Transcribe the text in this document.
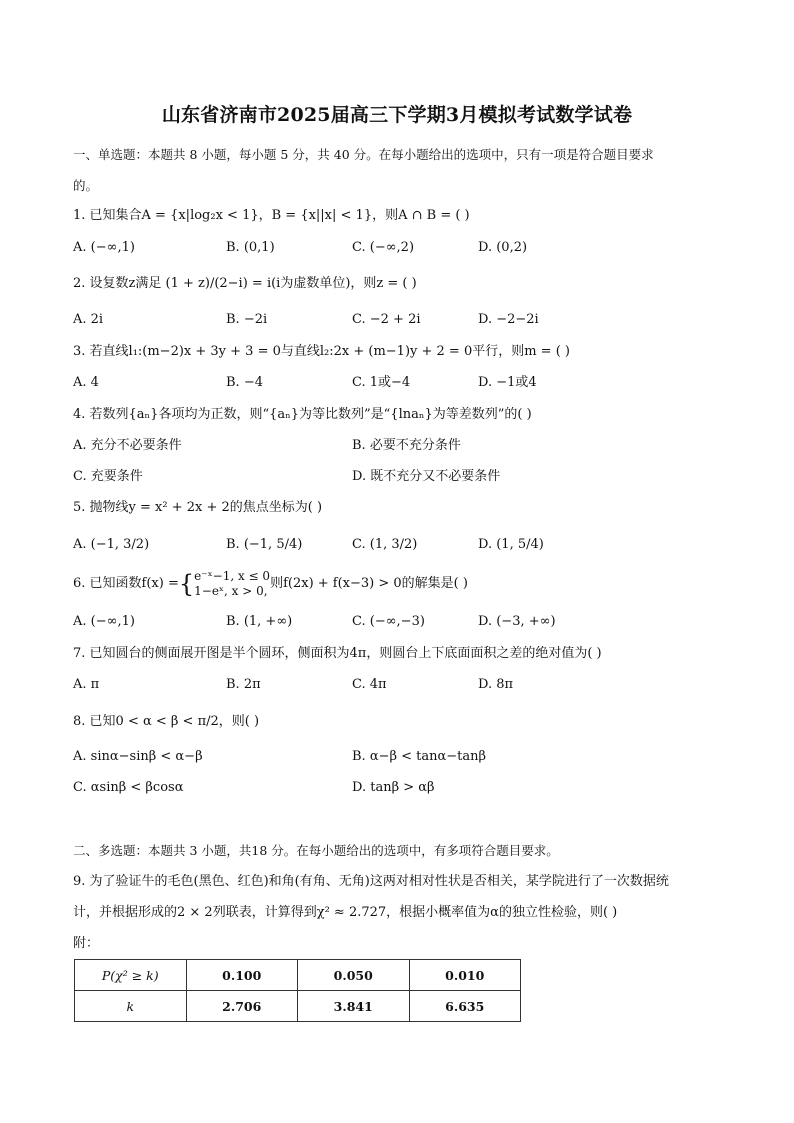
山东省济南市2025届高三下学期3月模拟考试数学试卷
一、单选题：本题共 8 小题，每小题 5 分，共 40 分。在每小题给出的选项中，只有一项是符合题目要求
的。
1. 已知集合A = {x|log₂x < 1}，B = {x||x| < 1}，则A ∩ B = ( )
A. (−∞,1)	B. (0,1)	C. (−∞,2)	D. (0,2)
2. 设复数z满足 (1 + z)/(2−i) = i(i为虚数单位)，则z = ( )
A. 2i	B. −2i	C. −2 + 2i	D. −2−2i
3. 若直线l₁:(m−2)x + 3y + 3 = 0与直线l₂:2x + (m−1)y + 2 = 0平行，则m = ( )
A. 4	B. −4	C. 1或−4	D. −1或4
4. 若数列{aₙ}各项均为正数，则“{aₙ}为等比数列”是“{lnaₙ}为等差数列”的( )
A. 充分不必要条件	B. 必要不充分条件
C. 充要条件	D. 既不充分又不必要条件
5. 抛物线y = x² + 2x + 2的焦点坐标为( )
A. (−1, 3/2)	B. (−1, 5/4)	C. (1, 3/2)	D. (1, 5/4)
6. 已知函数f(x) ={ e⁻ˣ−1, x ≤ 0
1−eˣ, x > 0, 则f(2x) + f(x−3) > 0的解集是( )
A. (−∞,1)	B. (1, +∞)	C. (−∞,−3)	D. (−3, +∞)
7. 已知圆台的侧面展开图是半个圆环，侧面积为4π，则圆台上下底面面积之差的绝对值为( )
A. π	B. 2π	C. 4π	D. 8π
8. 已知0 < α < β < π/2，则( )
A. sinα−sinβ < α−β	B. α−β < tanα−tanβ
C. αsinβ < βcosα	D. tanβ > αβ
二、多选题：本题共 3 小题，共18 分。在每小题给出的选项中，有多项符合题目要求。
9. 为了验证牛的毛色(黑色、红色)和角(有角、无角)这两对相对性状是否相关，某学院进行了一次数据统
计，并根据形成的2 × 2列联表，计算得到χ² ≈ 2.727，根据小概率值为α的独立性检验，则( )
附：
P(χ² ≥ k)	0.100	0.050	0.010
k	2.706	3.841	6.635
